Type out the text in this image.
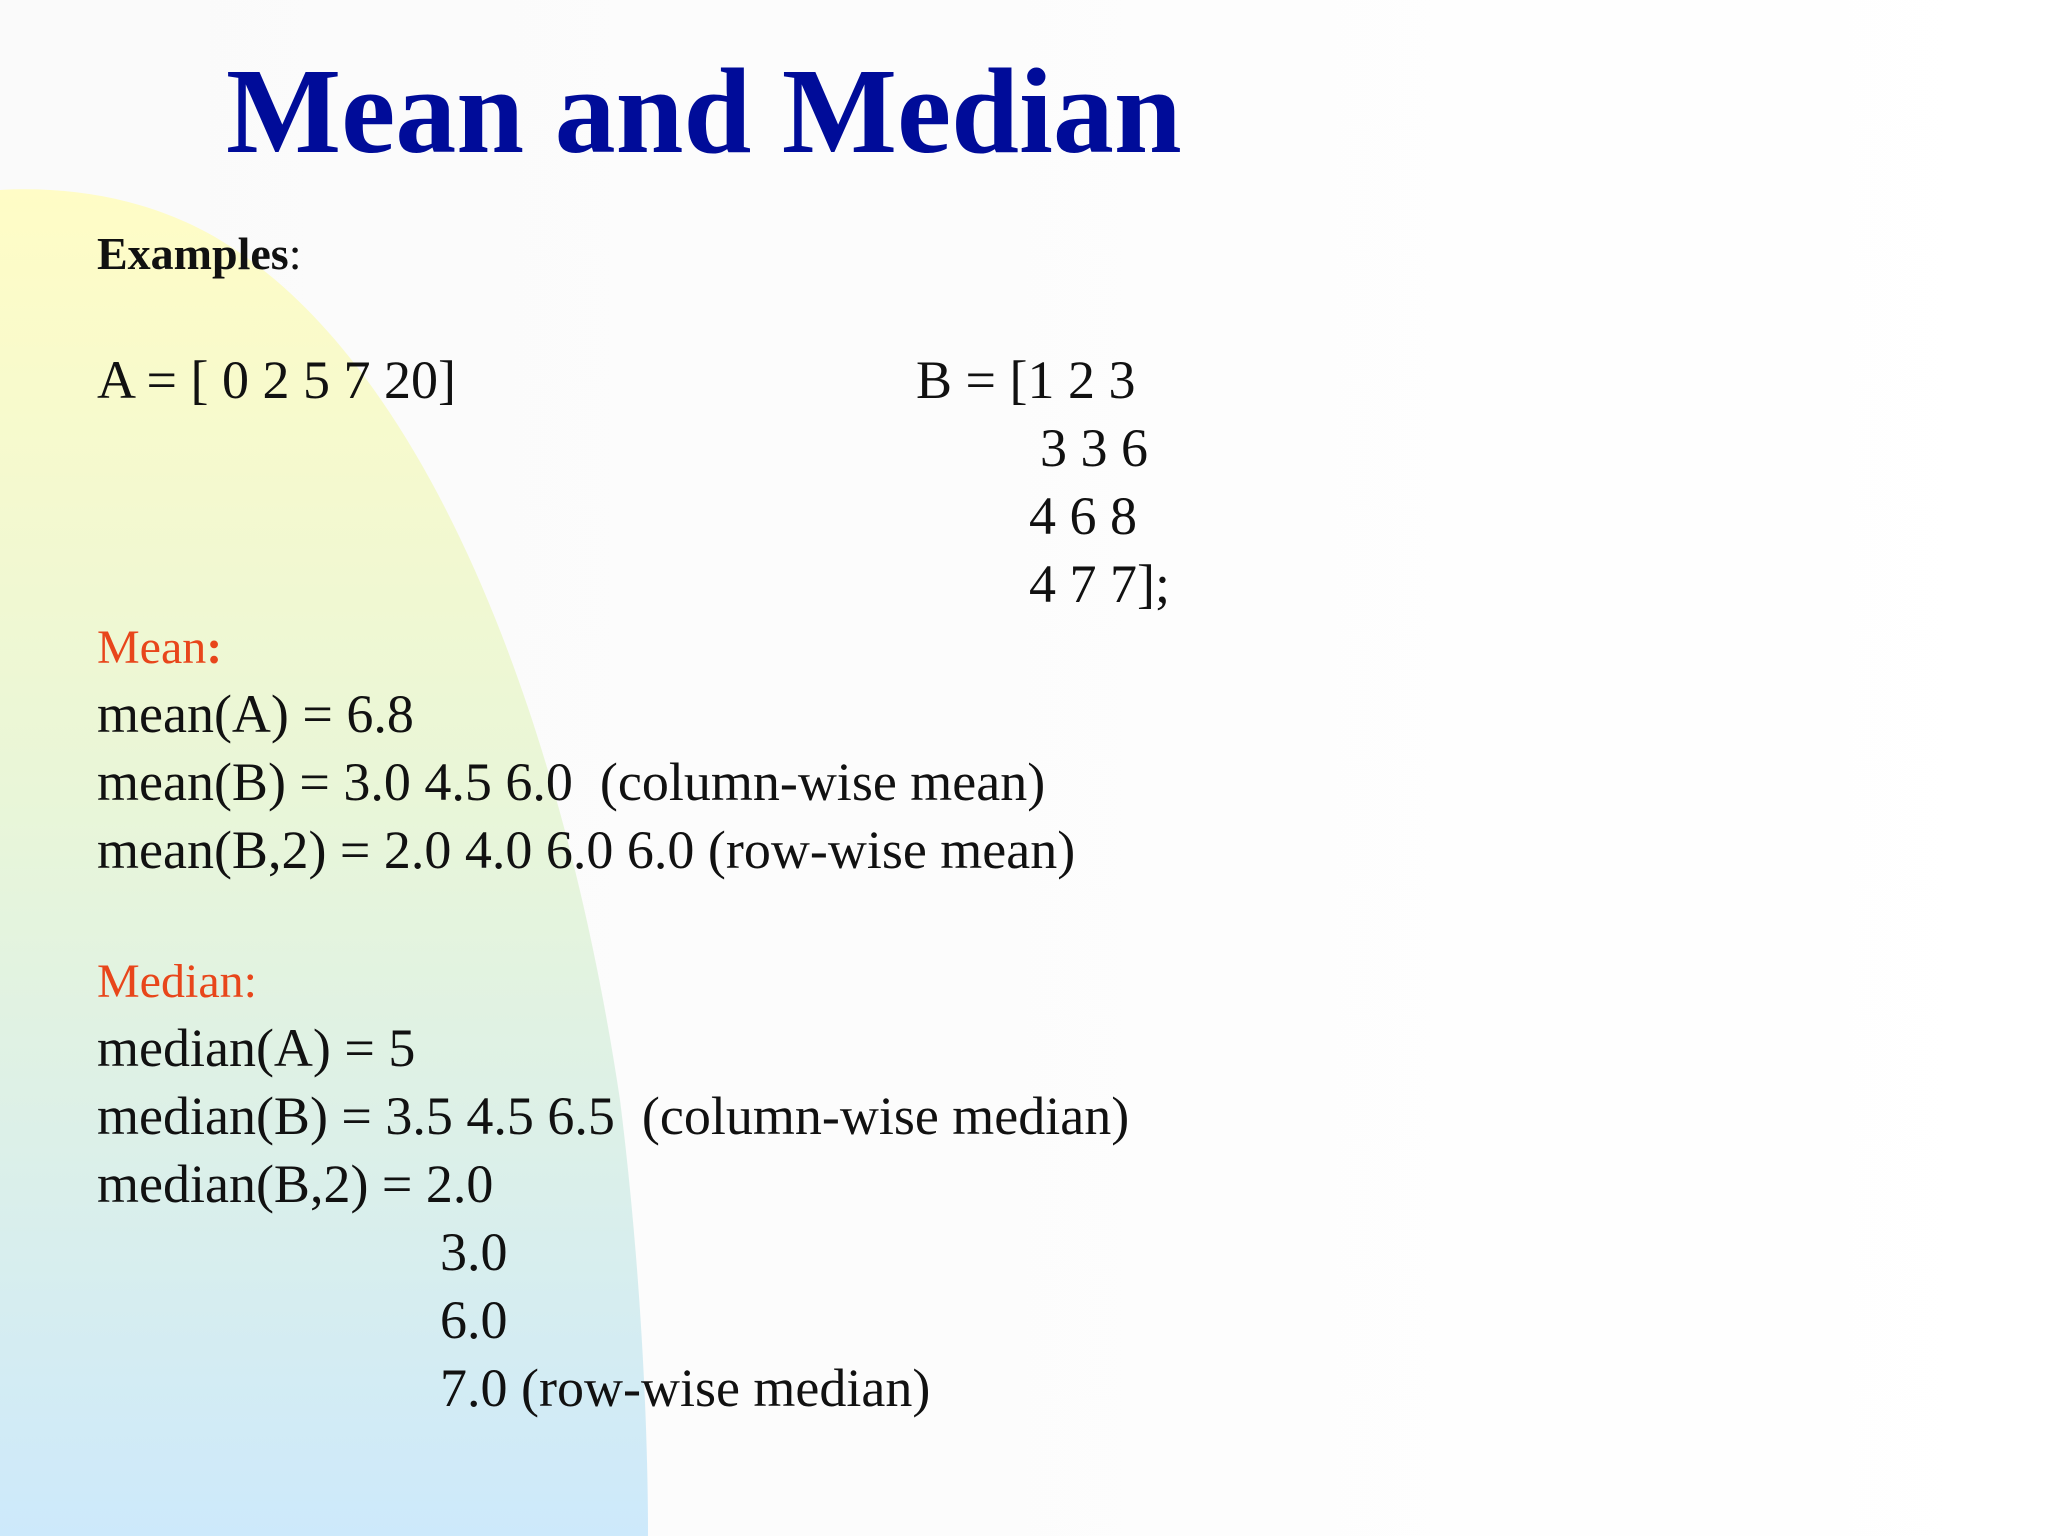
Mean and Median
Examples:
A = [ 0 2 5 7 20]	B = [1 2 3
3 3 6
4 6 8
4 7 7];
Mean:
mean(A) = 6.8
mean(B) = 3.0 4.5 6.0  (column-wise mean)
mean(B,2) = 2.0 4.0 6.0 6.0 (row-wise mean)
Median:
median(A) = 5
median(B) = 3.5 4.5 6.5  (column-wise median)
median(B,2) = 2.0
3.0
6.0
7.0 (row-wise median)
